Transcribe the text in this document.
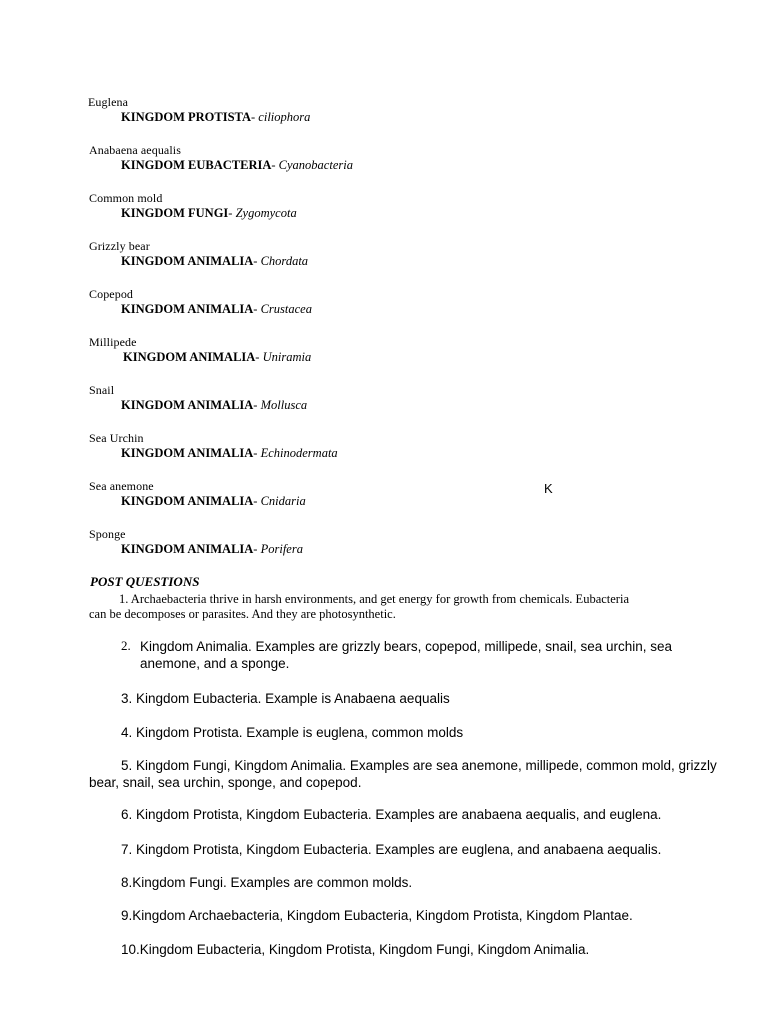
Euglena
KINGDOM PROTISTA- ciliophora
Anabaena aequalis
KINGDOM EUBACTERIA- Cyanobacteria
Common mold
KINGDOM FUNGI- Zygomycota
Grizzly bear
KINGDOM ANIMALIA- Chordata
Copepod
KINGDOM ANIMALIA- Crustacea
Millipede
KINGDOM ANIMALIA- Uniramia
Snail
KINGDOM ANIMALIA- Mollusca
Sea Urchin
KINGDOM ANIMALIA- Echinodermata
Sea anemone
KINGDOM ANIMALIA- Cnidaria
K
Sponge
KINGDOM ANIMALIA- Porifera
POST QUESTIONS
1. Archaebacteria thrive in harsh environments, and get energy for growth from chemicals. Eubacteria
can be decomposes or parasites. And they are photosynthetic.
2. Kingdom Animalia. Examples are grizzly bears, copepod, millipede, snail, sea urchin, sea anemone, and a sponge.
3. Kingdom Eubacteria. Example is Anabaena aequalis
4. Kingdom Protista. Example is euglena, common molds
5. Kingdom Fungi, Kingdom Animalia. Examples are sea anemone, millipede, common mold, grizzly bear, snail, sea urchin, sponge, and copepod.
6. Kingdom Protista, Kingdom Eubacteria. Examples are anabaena aequalis, and euglena.
7. Kingdom Protista, Kingdom Eubacteria. Examples are euglena, and anabaena aequalis.
8.Kingdom Fungi. Examples are common molds.
9.Kingdom Archaebacteria, Kingdom Eubacteria, Kingdom Protista, Kingdom Plantae.
10.Kingdom Eubacteria, Kingdom Protista, Kingdom Fungi, Kingdom Animalia.
